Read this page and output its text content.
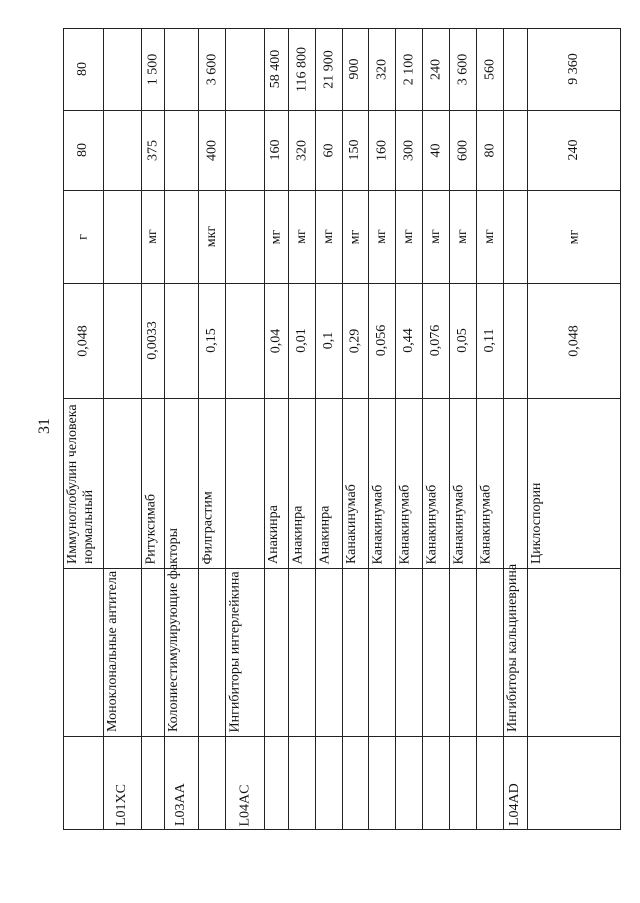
31
80
80
г
0,048
Иммуноглобулин человека нормальный
Моноклональные антитела
L01XC
1 500
375
мг
0,0033
Ритуксимаб Колониестимулирующие факторы
L03AA
3 600
400
мкг
0,15
Филграстим
Ингибиторы интерлейкина
L04AC
58 400
160
мг
0,04
Анакинра
116 800
320
мг
0,01
Анакинра
21 900
60
мг
0,1
Анакинра
900
150
мг
0,29
Канакинумаб
320
160
мг
0,056
Канакинумаб
2 100
300
мг
0,44
Канакинумаб
240
40
мг
0,076
Канакинумаб
3 600
600
мг
0,05
Канакинумаб
560
80
мг
0,11
Канакинумаб
Ингибиторы кальциневрина
L04AD
9 360
240
мг
0,048
Циклоспорин
